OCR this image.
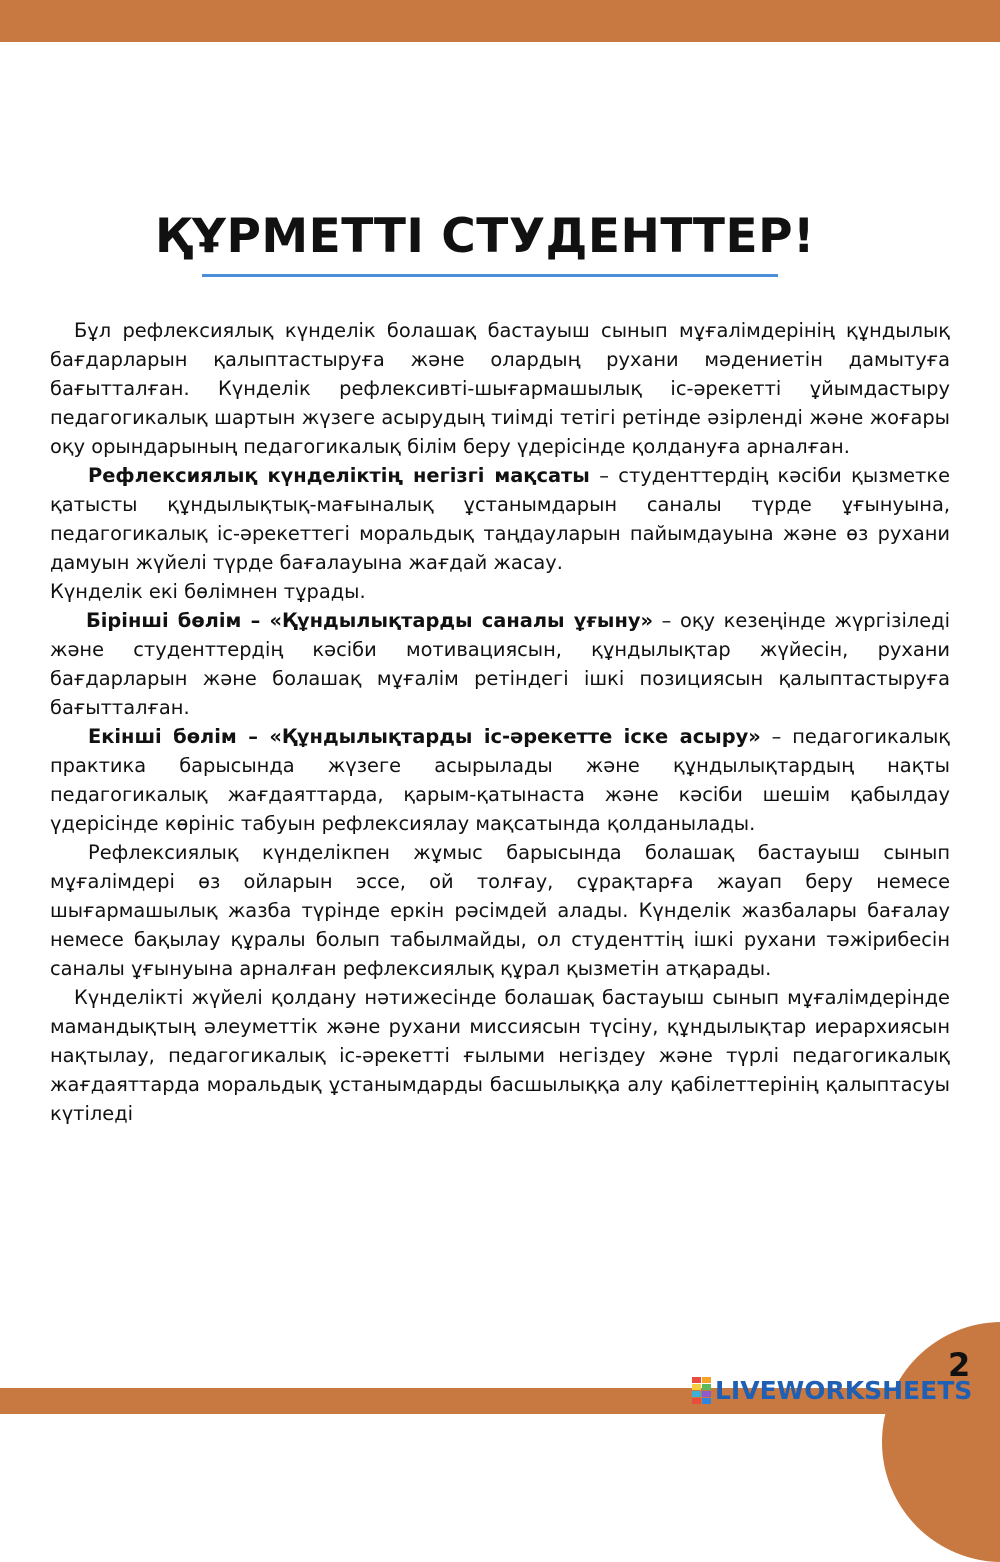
ҚҰРМЕТТІ СТУДЕНТТЕР!

Бұл рефлексиялық күнделік болашақ бастауыш сынып мұғалімдерінің құндылық бағдарларын қалыптастыруға және олардың рухани мәдениетін дамытуға бағытталған. Күнделік рефлексивті-шығармашылық іс-әрекетті ұйымдастыру педагогикалық шартын жүзеге асырудың тиімді тетігі ретінде әзірленді және жоғары оқу орындарының педагогикалық білім беру үдерісінде қолдануға арналған.

Рефлексиялық күнделіктің негізгі мақсаты – студенттердің кәсіби қызметке қатысты құндылықтық-мағыналық ұстанымдарын саналы түрде ұғынуына, педагогикалық іс-әрекеттегі моральдық таңдауларын пайымдауына және өз рухани дамуын жүйелі түрде бағалауына жағдай жасау.

Күнделік екі бөлімнен тұрады.

Бірінші бөлім – «Құндылықтарды саналы ұғыну» – оқу кезеңінде жүргізіледі және студенттердің кәсіби мотивациясын, құндылықтар жүйесін, рухани бағдарларын және болашақ мұғалім ретіндегі ішкі позициясын қалыптастыруға бағытталған.

Екінші бөлім – «Құндылықтарды іс-әрекетте іске асыру» – педагогикалық практика барысында жүзеге асырылады және құндылықтардың нақты педагогикалық жағдаяттарда, қарым-қатынаста және кәсіби шешім қабылдау үдерісінде көрініс табуын рефлексиялау мақсатында қолданылады.

Рефлексиялық күнделікпен жұмыс барысында болашақ бастауыш сынып мұғалімдері өз ойларын эссе, ой толғау, сұрақтарға жауап беру немесе шығармашылық жазба түрінде еркін рәсімдей алады. Күнделік жазбалары бағалау немесе бақылау құралы болып табылмайды, ол студенттің ішкі рухани тәжірибесін саналы ұғынуына арналған рефлексиялық құрал қызметін атқарады.

Күнделікті жүйелі қолдану нәтижесінде болашақ бастауыш сынып мұғалімдерінде мамандықтың әлеуметтік және рухани миссиясын түсіну, құндылықтар иерархиясын нақтылау, педагогикалық іс-әрекетті ғылыми негіздеу және түрлі педагогикалық жағдаяттарда моральдық ұстанымдарды басшылыққа алу қабілеттерінің қалыптасуы күтіледі

2
LIVEWORKSHEETS
